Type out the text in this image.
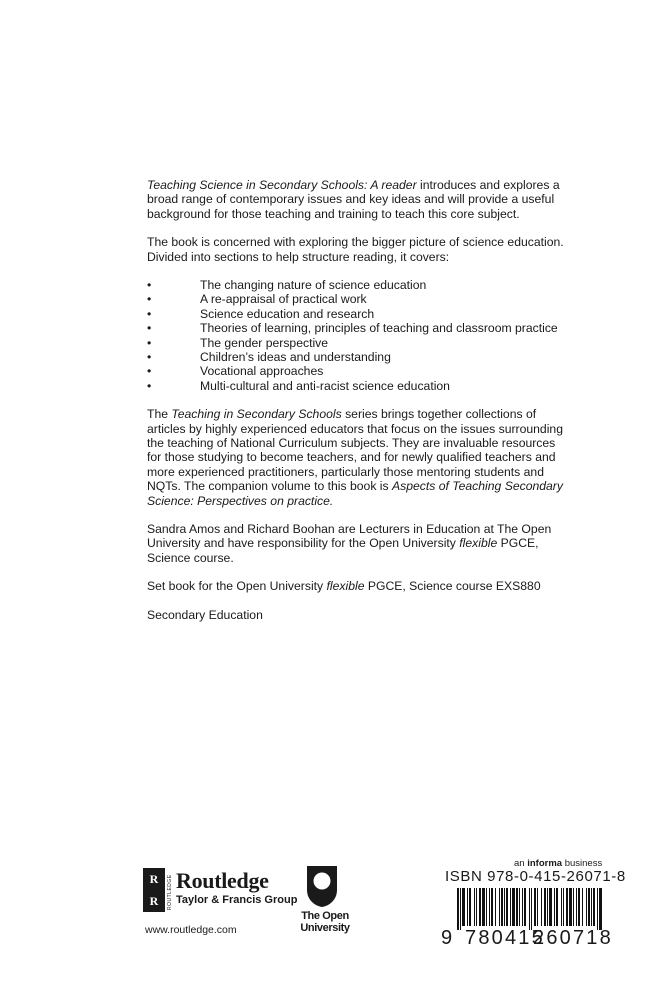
Teaching Science in Secondary Schools: A reader introduces and explores a broad range of contemporary issues and key ideas and will provide a useful background for those teaching and training to teach this core subject.

The book is concerned with exploring the bigger picture of science education. Divided into sections to help structure reading, it covers:

• The changing nature of science education
• A re-appraisal of practical work
• Science education and research
• Theories of learning, principles of teaching and classroom practice
• The gender perspective
• Children’s ideas and understanding
• Vocational approaches
• Multi-cultural and anti-racist science education

The Teaching in Secondary Schools series brings together collections of articles by highly experienced educators that focus on the issues surrounding the teaching of National Curriculum subjects. They are invaluable resources for those studying to become teachers, and for newly qualified teachers and more experienced practitioners, particularly those mentoring students and NQTs. The companion volume to this book is Aspects of Teaching Secondary Science: Perspectives on practice.

Sandra Amos and Richard Boohan are Lecturers in Education at The Open University and have responsibility for the Open University flexible PGCE, Science course.

Set book for the Open University flexible PGCE, Science course EXS880

Secondary Education

R
R	ROUTLEDGE Routledge
Taylor & Francis Group
www.routledge.com
The Open
University
an informa business
ISBN 978-0-415-26071-8
9 780415
260718
